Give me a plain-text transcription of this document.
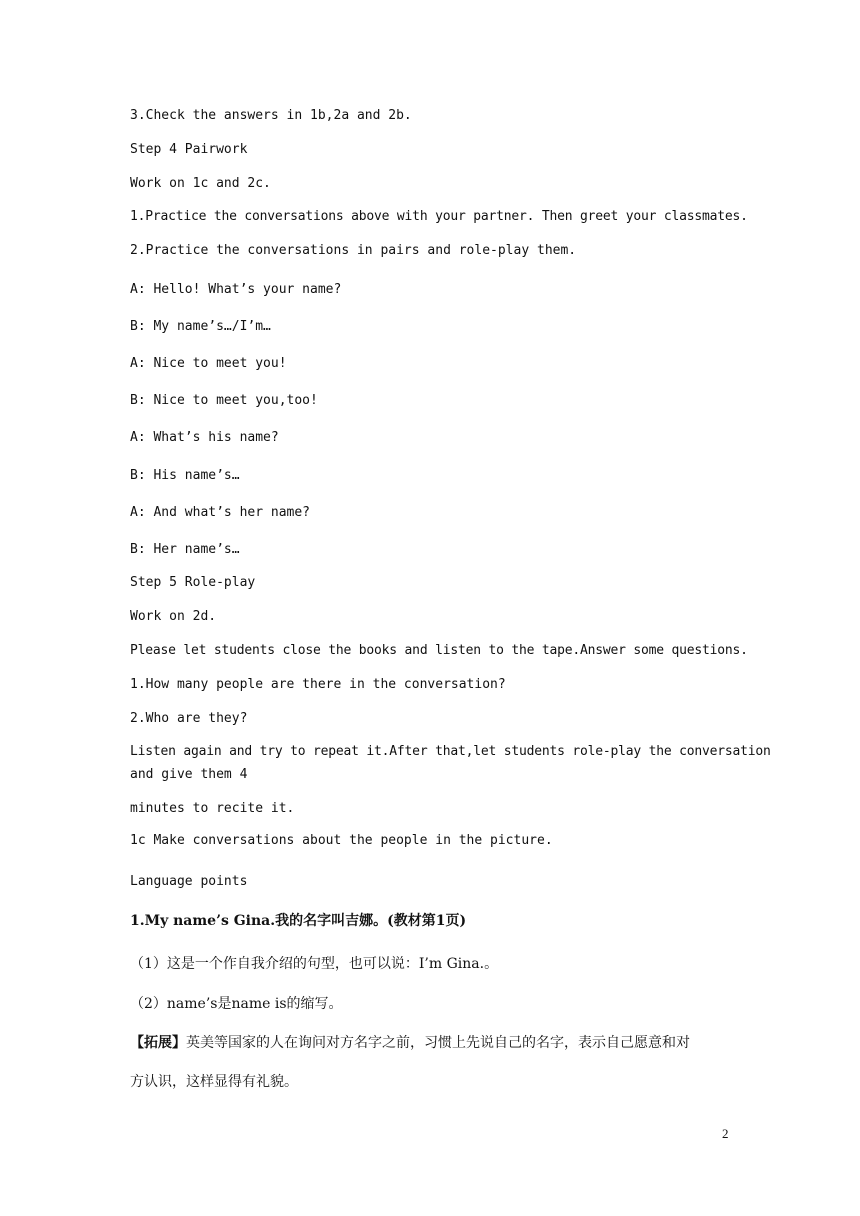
3.Check the answers in 1b,2a and 2b.

Step 4 Pairwork

Work on 1c and 2c.

1.Practice the conversations above with your partner. Then greet your classmates.

2.Practice the conversations in pairs and role-play them.

A: Hello! What’s your name?

B: My name’s…/I’m…

A: Nice to meet you!

B: Nice to meet you,too!

A: What’s his name?

B: His name’s…

A: And what’s her name?

B: Her name’s…

Step 5 Role-play

Work on 2d.

Please let students close the books and listen to the tape.Answer some questions.

1.How many people are there in the conversation?

2.Who are they?

Listen again and try to repeat it.After that,let students role-play the conversation

and give them 4

minutes to recite it.

1c Make conversations about the people in the picture.

Language points

1.My name’s Gina.我的名字叫吉娜。(教材第1页)

（1）这是一个作自我介绍的句型，也可以说：I’m Gina.。

（2）name’s是name is的缩写。

【拓展】英美等国家的人在询问对方名字之前，习惯上先说自己的名字，表示自己愿意和对

方认识，这样显得有礼貌。

2
